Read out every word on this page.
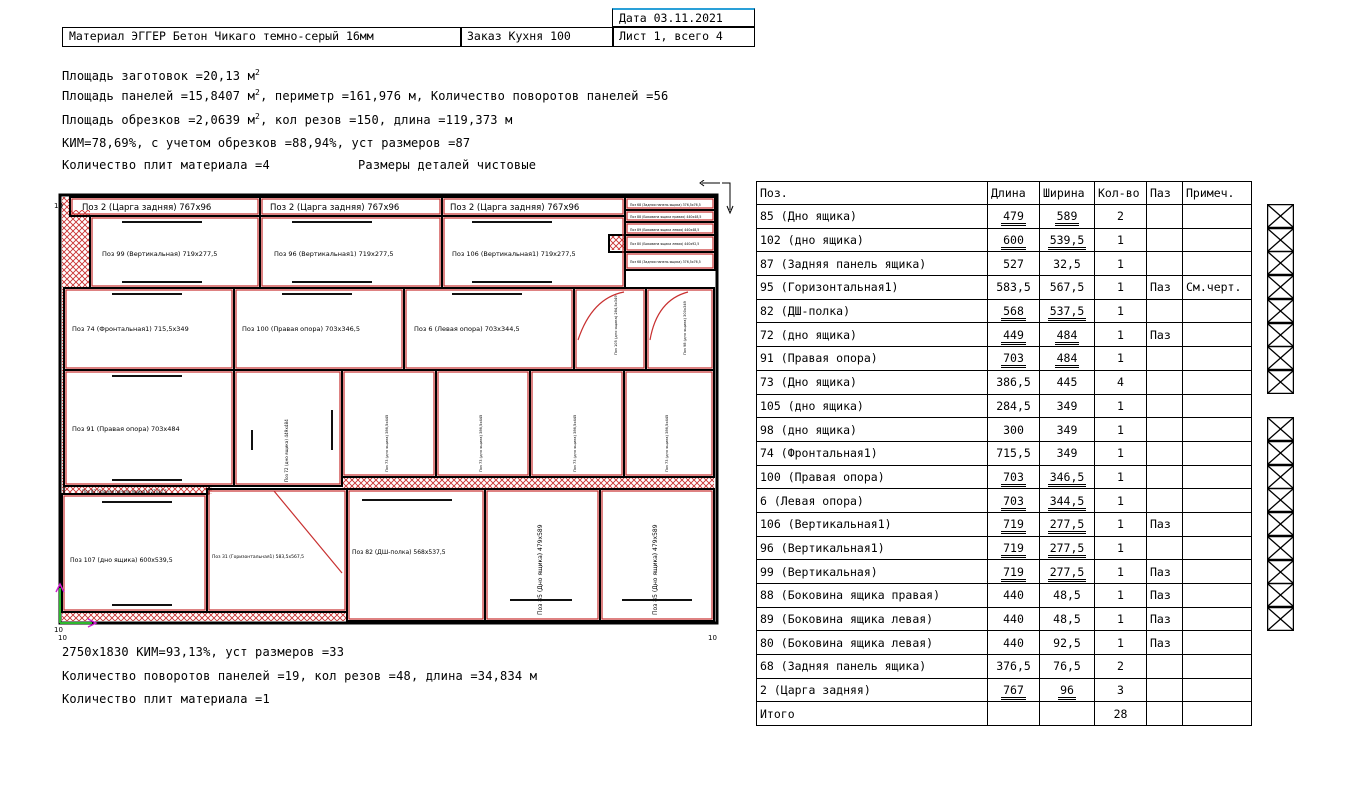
Дата 03.11.2021
Материал ЭГГЕР Бетон Чикаго темно-серый 16мм	Заказ Кухня 100	Лист 1, всего 4
Площадь заготовок =20,13 $м^2$
Площадь панелей =15,8407 $м^2$, периметр =161,976 м, Количество поворотов панелей =56
Площадь обрезков =2,0639 $м^2$, кол резов =150, длина =119,373 м
КИМ=78,69%, с учетом обрезков =88,94%, уст размеров =87
Количество плит материала =4	Размеры деталей чистовые
Поз 2 (Царга задняя) 767x96	Поз 2 (Царга задняя) 767x96	Поз 2 (Царга задняя) 767x96	Поз 68 (Задняя панель ящика) 376,5x76,5
Поз 88 (Боковина ящика правая) 440x48,5
Поз 89 (Боковина ящика левая) 440x48,5
Поз 80 (Боковина ящика левая) 440x92,5
Поз 68 (Задняя панель ящика) 376,5x76,5
Поз 99 (Вертикальная) 719x277,5	Поз 96 (Вертикальная1) 719x277,5	Поз 106 (Вертикальная1) 719x277,5
Поз 74 (Фронтальная1) 715,5x349	Поз 100 (Правая опора) 703x346,5	Поз 6 (Левая опора) 703x344,5	Поз 105 (дно ящика) 284,5x349	Поз 98 (дно ящика) 300x349
Поз 91 (Правая опора) 703x484	Поз 72 (дно ящика) 449x484	Поз 73 (дно ящика) 386,5x445	Поз 73 (дно ящика) 386,5x445	Поз 73 (дно ящика) 386,5x445	Поз 73 (дно ящика) 386,5x445
Поз 87 (Задняя панель ящика) 527x32,5
Поз 107 (дно ящика) 600x539,5	Поз 31 (Горизонтальная1) 583,5x567,5
Поз 82 (ДШ-полка) 568x537,5	Поз 85 (Дно ящика) 479x589	Поз 85 (Дно ящика) 479x589
10
10
10	10
2750x1830 КИМ=93,13%, уст размеров =33
Количество поворотов панелей =19, кол резов =48, длина =34,834 м
Количество плит материала =1
Поз.	Длина	Ширина	Кол-во	Паз	Примеч.
85 (Дно ящика)	479	589	2		
102 (дно ящика)	600	539,5	1		
87 (Задняя панель ящика)	527	32,5	1		
95 (Горизонтальная1)	583,5	567,5	1	Паз	См.черт.
82 (ДШ-полка)	568	537,5	1		
72 (дно ящика)	449	484	1	Паз	
91 (Правая опора)	703	484	1		
73 (Дно ящика)	386,5	445	4		
105 (дно ящика)	284,5	349	1		
98 (дно ящика)	300	349	1		
74 (Фронтальная1)	715,5	349	1		
100 (Правая опора)	703	346,5	1		
6 (Левая опора)	703	344,5	1		
106 (Вертикальная1)	719	277,5	1	Паз	
96 (Вертикальная1)	719	277,5	1		
99 (Вертикальная)	719	277,5	1	Паз	
88 (Боковина ящика правая)	440	48,5	1	Паз	
89 (Боковина ящика левая)	440	48,5	1	Паз	
80 (Боковина ящика левая)	440	92,5	1	Паз	
68 (Задняя панель ящика)	376,5	76,5	2		
2 (Царга задняя)	767	96	3		
Итого			28		
